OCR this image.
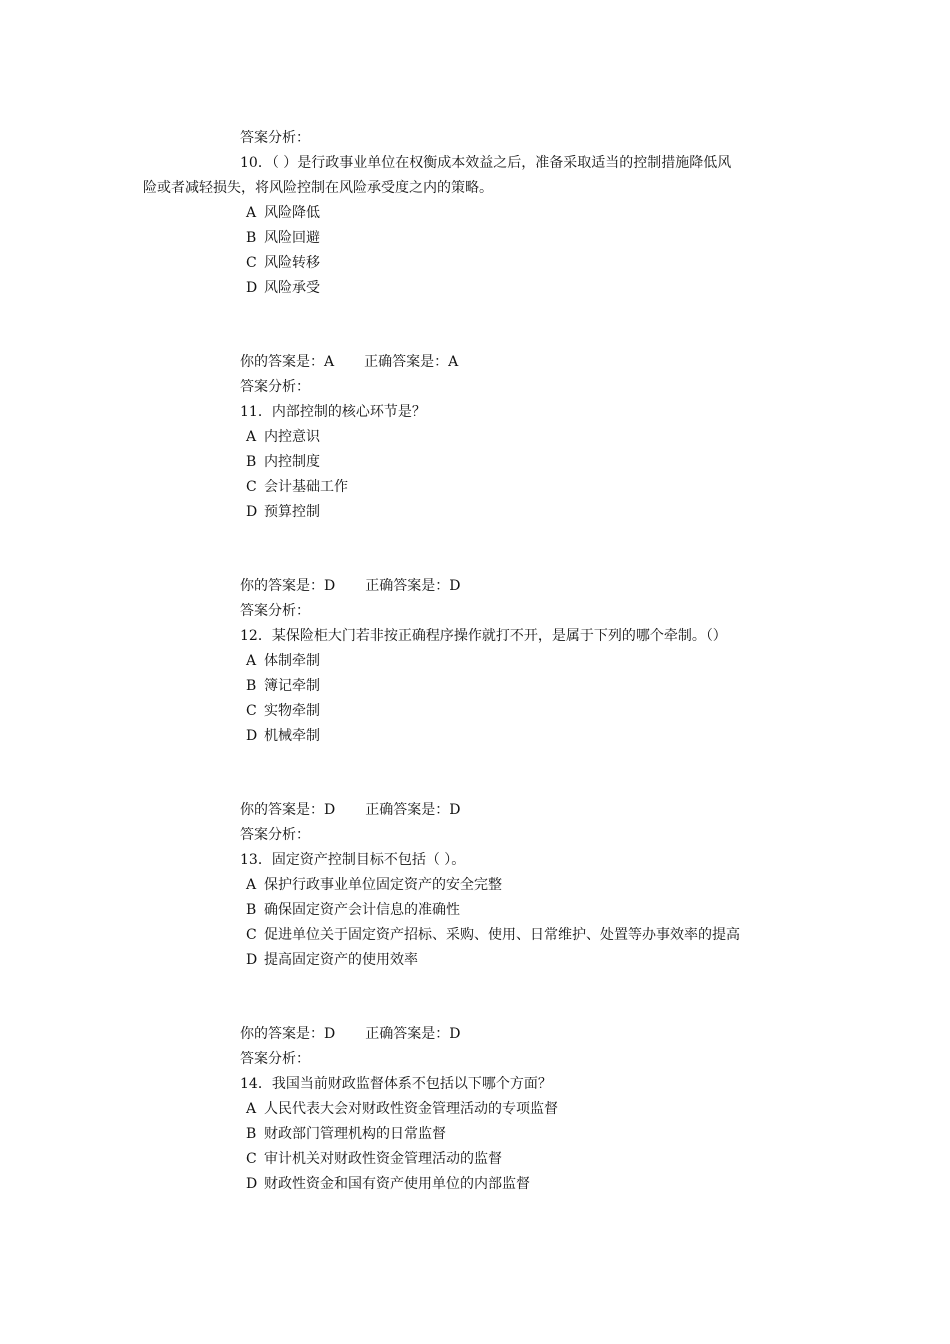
答案分析：
10．（ ）是行政事业单位在权衡成本效益之后，准备采取适当的控制措施降低风
险或者减轻损失，将风险控制在风险承受度之内的策略。
A 风险降低
B 风险回避
C 风险转移
D 风险承受
你的答案是：A 正确答案是：A
答案分析：
11．内部控制的核心环节是？
A 内控意识
B 内控制度
C 会计基础工作
D 预算控制
你的答案是：D 正确答案是：D
答案分析：
12．某保险柜大门若非按正确程序操作就打不开，是属于下列的哪个牵制。（）
A 体制牵制
B 簿记牵制
C 实物牵制
D 机械牵制
你的答案是：D 正确答案是：D
答案分析：
13．固定资产控制目标不包括（ ）。
A 保护行政事业单位固定资产的安全完整
B 确保固定资产会计信息的准确性
C 促进单位关于固定资产招标、采购、使用、日常维护、处置等办事效率的提高
D 提高固定资产的使用效率
你的答案是：D 正确答案是：D
答案分析：
14．我国当前财政监督体系不包括以下哪个方面？
A 人民代表大会对财政性资金管理活动的专项监督
B 财政部门管理机构的日常监督
C 审计机关对财政性资金管理活动的监督
D 财政性资金和国有资产使用单位的内部监督
